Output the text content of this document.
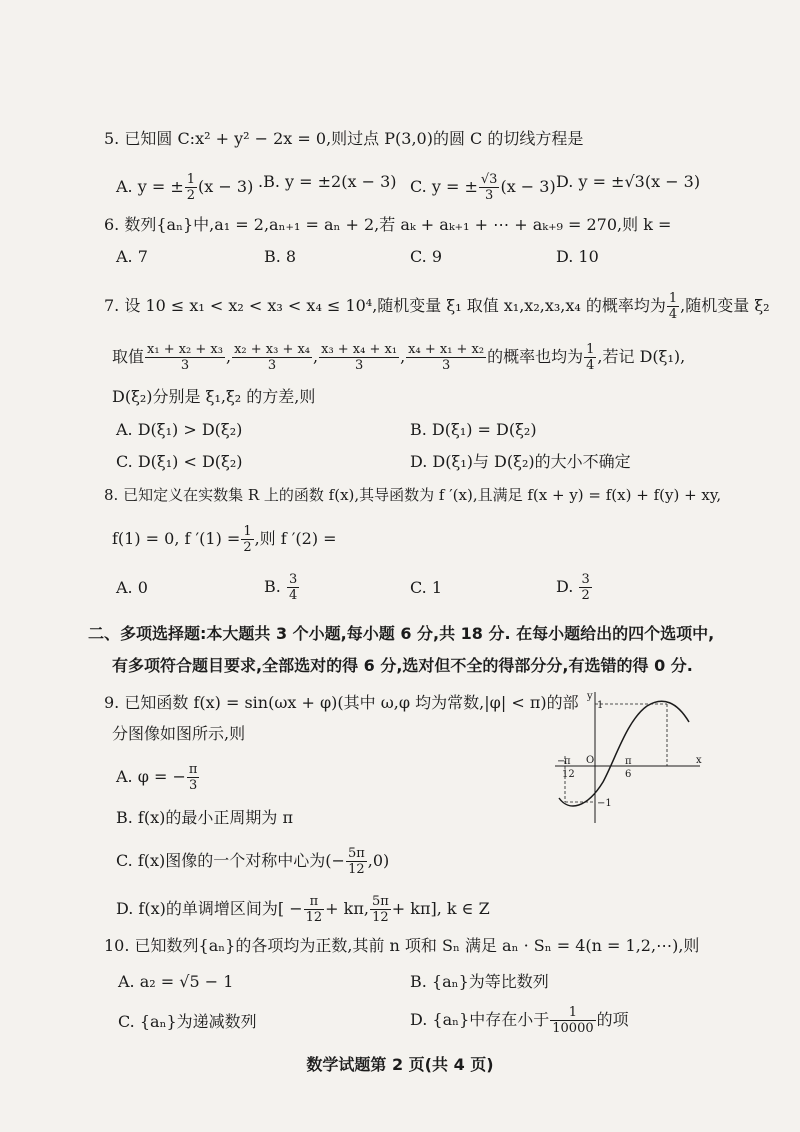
5. 已知圆 C:x² + y² − 2x = 0,则过点 P(3,0)的圆 C 的切线方程是
A. y = ± $\frac{1}{2} (x - 3)$ .B. y = ±2(x − 3) C. y = ± $\frac{√3}{3} (x - 3)$ D. y = ±√3(x − 3)
6. 数列{aₙ}中,a₁ = 2,aₙ₊₁ = aₙ + 2,若 aₖ + aₖ₊₁ + ⋯ + aₖ₊₉ = 270,则 k =
A. 7	B. 8	C. 9	D. 10
7. 设 10 ≤ x₁ < x₂ < x₃ < x₄ ≤ 10⁴,随机变量 ξ₁ 取值 x₁,x₂,x₃,x₄ 的概率均为 $\frac{1}{4}$ ,随机变量 ξ₂
取值 $\frac{\text{x₁ + x₂ + x₃}}{3}$ , $\frac{\text{x₂ + x₃ + x₄}}{3}$ , $\frac{\text{x₃ + x₄ + x₁}}{3}$ , $\frac{\text{x₄ + x₁ + x₂}}{3}$ 的概率也均为 $\frac{1}{4}$ ,若记 D(ξ₁),
D(ξ₂)分别是 ξ₁,ξ₂ 的方差,则
A. D(ξ₁) > D(ξ₂)	B. D(ξ₁) = D(ξ₂)
C. D(ξ₁) < D(ξ₂)	D. D(ξ₁)与 D(ξ₂)的大小不确定
8. 已知定义在实数集 R 上的函数 f(x),其导函数为 f ′(x),且满足 f(x + y) = f(x) + f(y) + xy,
f(1) = 0, f $'(1) = \frac{1}{2}$ ,则 f ′(2) =
A. 0	B. $\frac{3}{4}$	C. 1	D. $\frac{3}{2}$
二、多项选择题:本大题共 3 个小题,每小题 6 分,共 18 分. 在每小题给出的四个选项中,
有多项符合题目要求,全部选对的得 6 分,选对但不全的得部分分,有选错的得 0 分.
9. 已知函数 f(x) = sin(ωx + φ)(其中 ω,φ 均为常数,|φ| < π)的部
分图像如图所示,则
A. φ = − $\frac{\pi}{3}$
B. f(x)的最小正周期为 π
C. f(x)图像的一个对称中心为(− $\frac{5\pi}{12} ,0$)
D. f(x)的单调增区间为[ − $\frac{\pi}{12} + k\pi$, $\frac{5\pi}{12} + k\pi$], k ∈ Z
y
x
1
−1
O
−
π
12
π
6
10. 已知数列{aₙ}的各项均为正数,其前 n 项和 Sₙ 满足 aₙ · Sₙ = 4(n = 1,2,⋯),则
A. a₂ = √5 − 1	B. {aₙ}为等比数列
C. {aₙ}为递减数列	D. {aₙ}中存在小于 $\frac{1}{10000}$ 的项
数学试题第 2 页(共 4 页)
